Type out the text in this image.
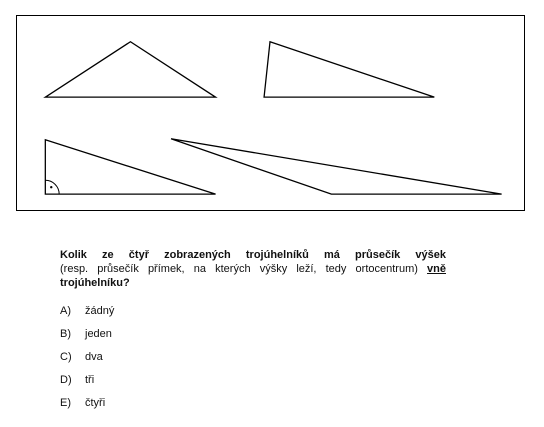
Kolik ze čtyř zobrazených trojúhelníků má průsečík výšek
(resp. průsečík přímek, na kterých výšky leží, tedy ortocentrum) vně
trojúhelníku?
A)	žádný
B)	jeden
C)	dva
D)	tři
E)	čtyři
